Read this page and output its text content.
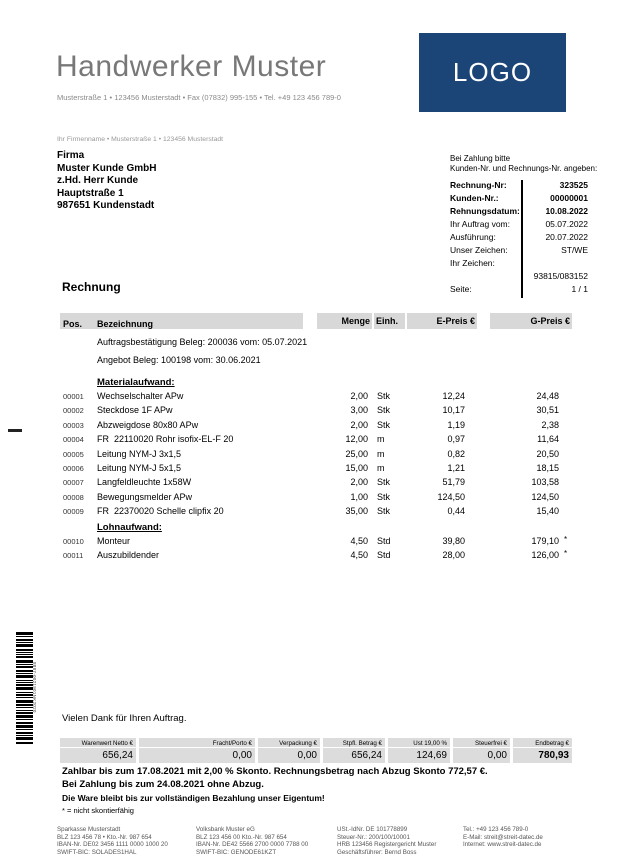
Handwerker Muster
Musterstraße 1 • 123456 Musterstadt • Fax (07832) 995-155 • Tel. +49 123 456 789-0
LOGO
Ihr Firmenname • Musterstraße 1 • 123456 Musterstadt
Firma
Muster Kunde GmbH
z.Hd. Herr Kunde
Hauptstraße 1
987651 Kundenstadt
Bei Zahlung bitte
Kunden-Nr. und Rechnungs-Nr. angeben:
Rechnung-Nr:	323525
Kunden-Nr.:	00000001
Rehnungsdatum:	10.08.2022
Ihr Auftrag vom:	05.07.2022
Ausführung:	20.07.2022
Unser Zeichen:	ST/WE
Ihr Zeichen:
93815/083152
Seite:	1 / 1
Rechnung
Pos. Bezeichnung	Menge Einh.	E-Preis €	G-Preis €
Auftragsbestätigung Beleg: 200036 vom: 05.07.2021
Angebot Beleg: 100198 vom: 30.06.2021
Materialaufwand:
00001 Wechselschalter APw	2,00 Stk	12,24	24,48
00002 Steckdose 1F APw	3,00 Stk	10,17	30,51
00003 Abzweigdose 80x80 APw	2,00 Stk	1,19	2,38
00004 FR  22110020 Rohr isofix-EL-F 20	12,00 m	0,97	11,64
00005 Leitung NYM-J 3x1,5	25,00 m	0,82	20,50
00006 Leitung NYM-J 5x1,5	15,00 m	1,21	18,15
00007 Langfeldleuchte 1x58W	2,00 Stk	51,79	103,58
00008 Bewegungsmelder APw	1,00 Stk	124,50	124,50
00009 FR  22370020 Schelle clipfix 20	35,00 Stk	0,44	15,40
Lohnaufwand:
00010 Monteur	4,50 Std	39,80	179,10 *
00011 Auszubildender	4,50 Std	28,00	126,00 *
8887-0021901NK2020
Vielen Dank für Ihren Auftrag.
Warenwert Netto €
656,24
Fracht/Porto €
0,00
Verpackung €
0,00
Stpfl. Betrag €
656,24
Ust 19,00 %
124,69
Steuerfrei €
0,00
Endbetrag €
780,93
Zahlbar bis zum 17.08.2021 mit 2,00 % Skonto. Rechnungsbetrag nach Abzug Skonto 772,57 €.
Bei Zahlung bis zum 24.08.2021 ohne Abzug.
Die Ware bleibt bis zur vollständigen Bezahlung unser Eigentum!
* = nicht skontierfähig
Sparkasse Musterstadt
BLZ 123 456 78 • Kto.-Nr. 987 654
IBAN-Nr. DE02 3456 1111 0000 1000 20
SWIFT-BIC: SOLADES1HAL
Volksbank Muster eG
BLZ 123 456 00 Kto.-Nr. 987 654
IBAN-Nr. DE42 5566 2700 0000 7788 00
SWIFT-BIC: GENODE61KZT
USt.-IdNr. DE 101778899
Steuer-Nr.: 200/100/10001
HRB 123456 Registergericht Muster
Geschäftsführer: Bernd Boss
Tel.: +49 123 456 789-0
E-Mail: streit@streit-datec.de
Internet: www.streit-datec.de
